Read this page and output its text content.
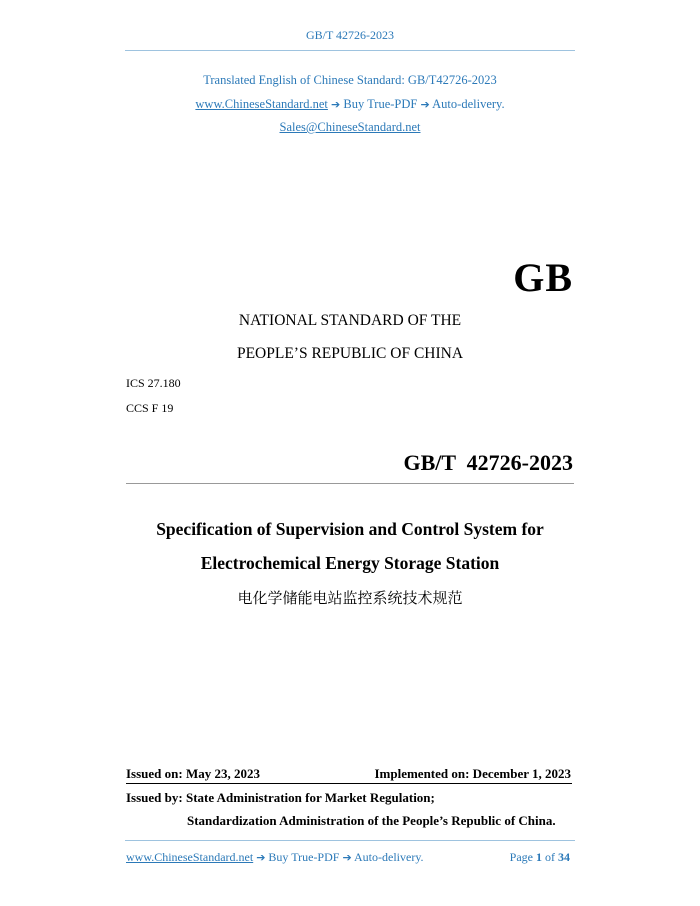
GB/T 42726-2023
Translated English of Chinese Standard: GB/T42726-2023
www.ChineseStandard.net ➔ Buy True-PDF ➔ Auto-delivery.
Sales@ChineseStandard.net
GB
NATIONAL STANDARD OF THE
PEOPLE’S REPUBLIC OF CHINA
ICS 27.180
CCS F 19
GB/T  42726-2023
Specification of Supervision and Control System for
Electrochemical Energy Storage Station
电化学储能电站监控系统技术规范
Issued on: May 23, 2023	Implemented on: December 1, 2023
Issued by: State Administration for Market Regulation;
Standardization Administration of the People’s Republic of China.
www.ChineseStandard.net ➔ Buy True-PDF ➔ Auto-delivery.	Page 1 of 34
